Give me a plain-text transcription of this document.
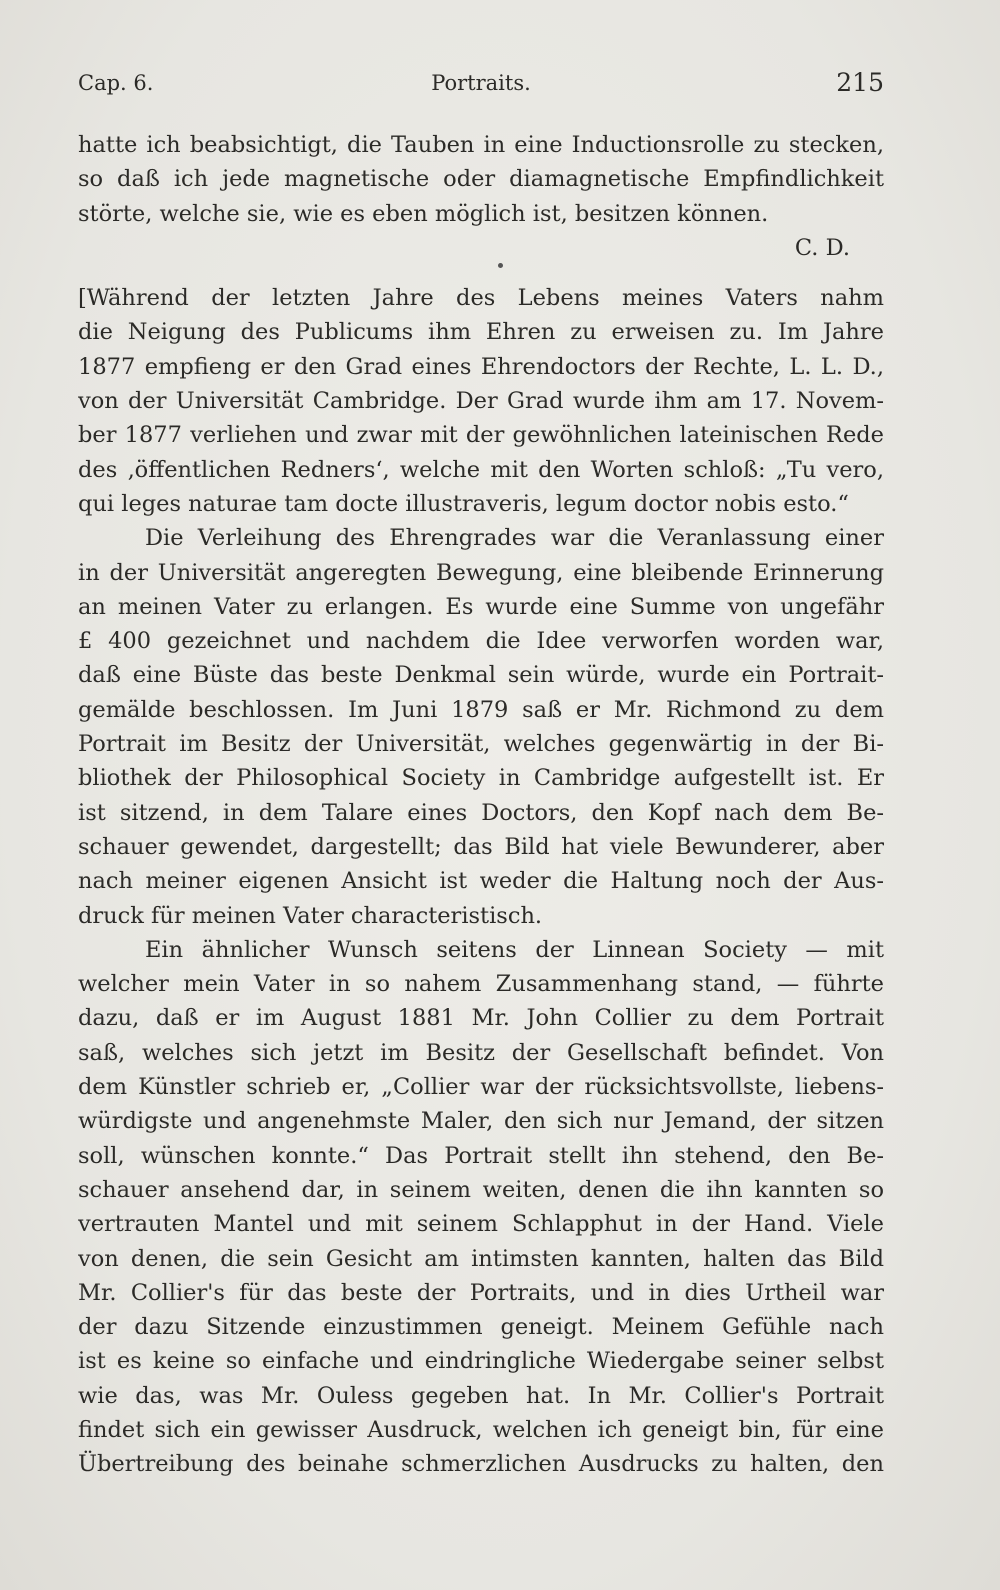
Cap. 6.	Portraits.	215
hatte ich beabsichtigt, die Tauben in eine Inductionsrolle zu stecken,
so daß ich jede magnetische oder diamagnetische Empfindlichkeit
störte, welche sie, wie es eben möglich ist, besitzen können.
C. D.
[Während der letzten Jahre des Lebens meines Vaters nahm
die Neigung des Publicums ihm Ehren zu erweisen zu. Im Jahre
1877 empfieng er den Grad eines Ehrendoctors der Rechte, L. L. D.,
von der Universität Cambridge. Der Grad wurde ihm am 17. Novem-
ber 1877 verliehen und zwar mit der gewöhnlichen lateinischen Rede
des ‚öffentlichen Redners‘, welche mit den Worten schloß: „Tu vero,
qui leges naturae tam docte illustraveris, legum doctor nobis esto.“
Die Verleihung des Ehrengrades war die Veranlassung einer
in der Universität angeregten Bewegung, eine bleibende Erinnerung
an meinen Vater zu erlangen. Es wurde eine Summe von ungefähr
£ 400 gezeichnet und nachdem die Idee verworfen worden war,
daß eine Büste das beste Denkmal sein würde, wurde ein Portrait-
gemälde beschlossen. Im Juni 1879 saß er Mr. Richmond zu dem
Portrait im Besitz der Universität, welches gegenwärtig in der Bi-
bliothek der Philosophical Society in Cambridge aufgestellt ist. Er
ist sitzend, in dem Talare eines Doctors, den Kopf nach dem Be-
schauer gewendet, dargestellt; das Bild hat viele Bewunderer, aber
nach meiner eigenen Ansicht ist weder die Haltung noch der Aus-
druck für meinen Vater characteristisch.
Ein ähnlicher Wunsch seitens der Linnean Society — mit
welcher mein Vater in so nahem Zusammenhang stand, — führte
dazu, daß er im August 1881 Mr. John Collier zu dem Portrait
saß, welches sich jetzt im Besitz der Gesellschaft befindet. Von
dem Künstler schrieb er, „Collier war der rücksichtsvollste, liebens-
würdigste und angenehmste Maler, den sich nur Jemand, der sitzen
soll, wünschen konnte.“ Das Portrait stellt ihn stehend, den Be-
schauer ansehend dar, in seinem weiten, denen die ihn kannten so
vertrauten Mantel und mit seinem Schlapphut in der Hand. Viele
von denen, die sein Gesicht am intimsten kannten, halten das Bild
Mr. Collier's für das beste der Portraits, und in dies Urtheil war
der dazu Sitzende einzustimmen geneigt. Meinem Gefühle nach
ist es keine so einfache und eindringliche Wiedergabe seiner selbst
wie das, was Mr. Ouless gegeben hat. In Mr. Collier's Portrait
findet sich ein gewisser Ausdruck, welchen ich geneigt bin, für eine
Übertreibung des beinahe schmerzlichen Ausdrucks zu halten, den
